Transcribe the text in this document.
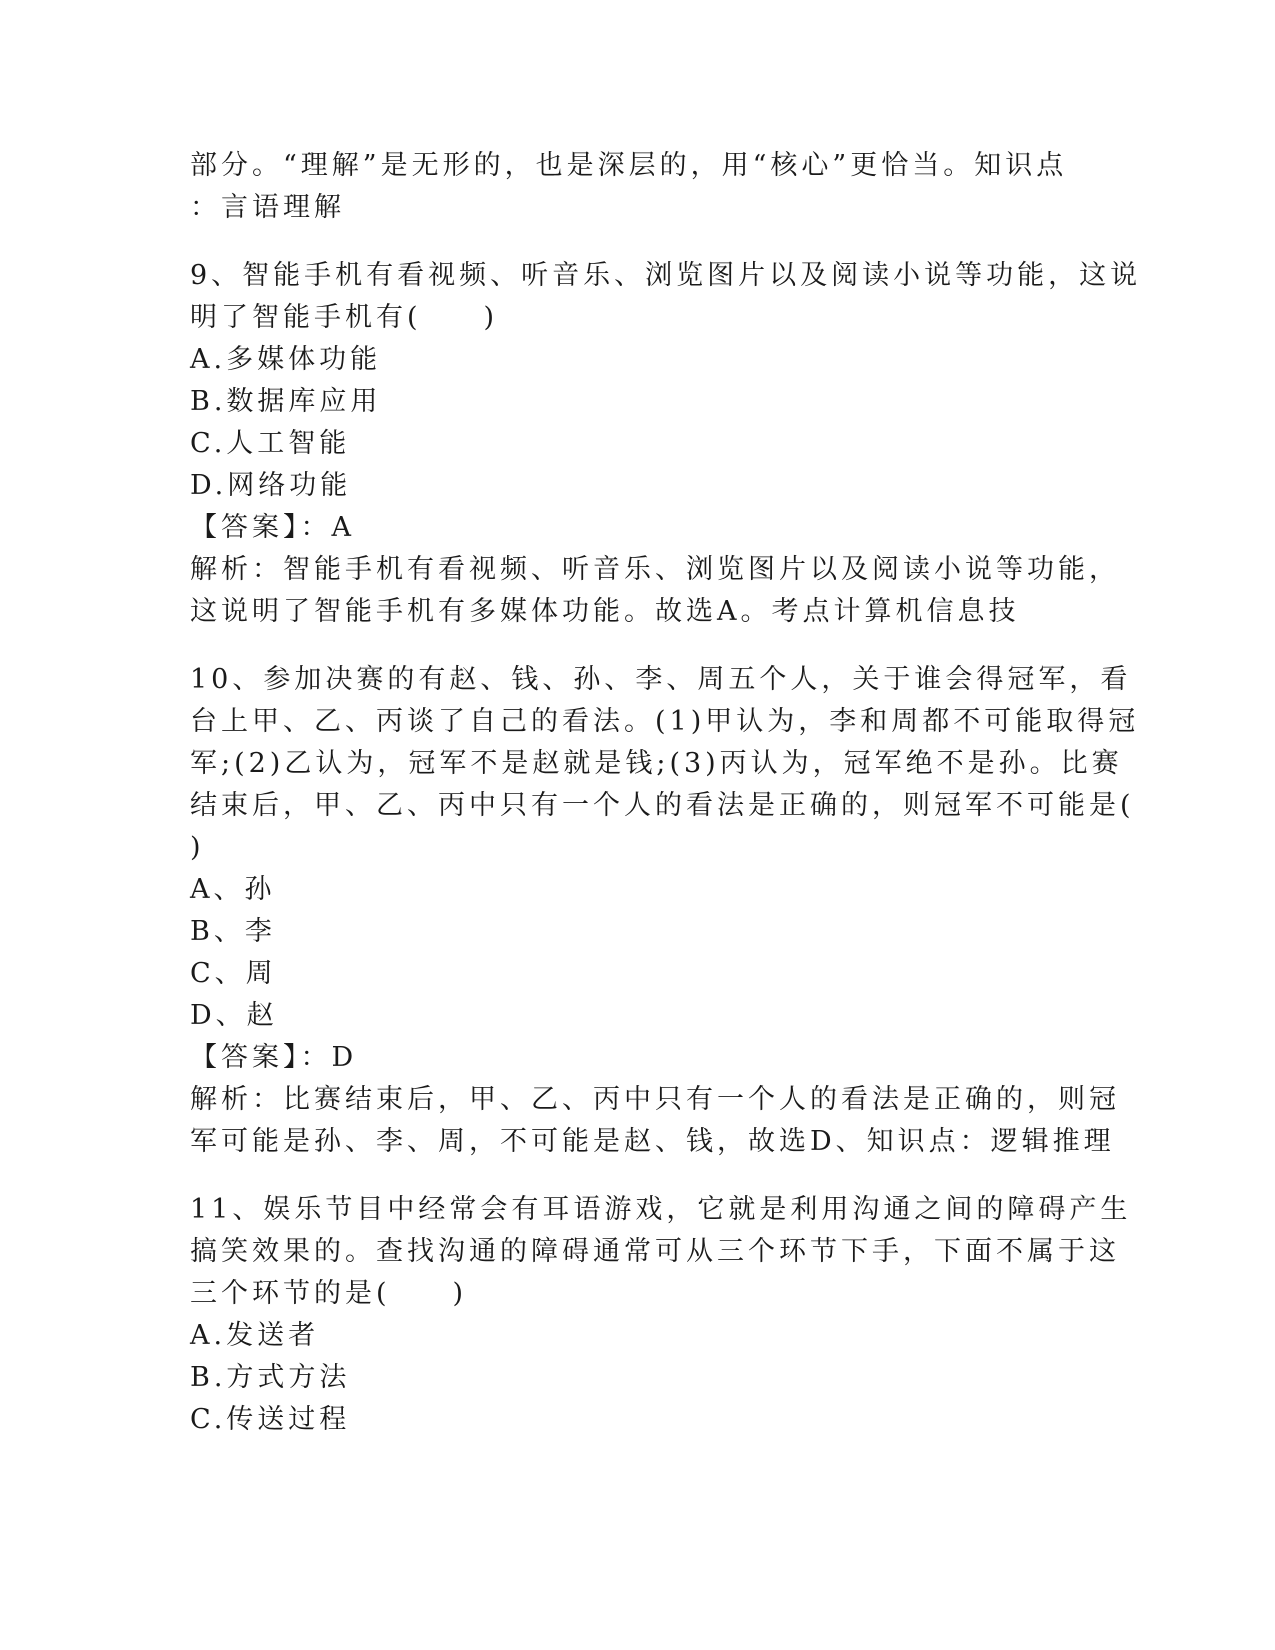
部分。“理解”是无形的，也是深层的，用“核心”更恰当。知识点
：言语理解
9、智能手机有看视频、听音乐、浏览图片以及阅读小说等功能，这说
明了智能手机有(　　)
A.多媒体功能
B.数据库应用
C.人工智能
D.网络功能
【答案】：A
解析：智能手机有看视频、听音乐、浏览图片以及阅读小说等功能，
这说明了智能手机有多媒体功能。故选A。考点计算机信息技
10、参加决赛的有赵、钱、孙、李、周五个人，关于谁会得冠军，看
台上甲、乙、丙谈了自己的看法。(1)甲认为，李和周都不可能取得冠
军;(2)乙认为，冠军不是赵就是钱;(3)丙认为，冠军绝不是孙。比赛
结束后，甲、乙、丙中只有一个人的看法是正确的，则冠军不可能是(
)
A、孙
B、李
C、周
D、赵
【答案】：D
解析：比赛结束后，甲、乙、丙中只有一个人的看法是正确的，则冠
军可能是孙、李、周，不可能是赵、钱，故选D、知识点：逻辑推理
11、娱乐节目中经常会有耳语游戏，它就是利用沟通之间的障碍产生
搞笑效果的。查找沟通的障碍通常可从三个环节下手，下面不属于这
三个环节的是(　　)
A.发送者
B.方式方法
C.传送过程
